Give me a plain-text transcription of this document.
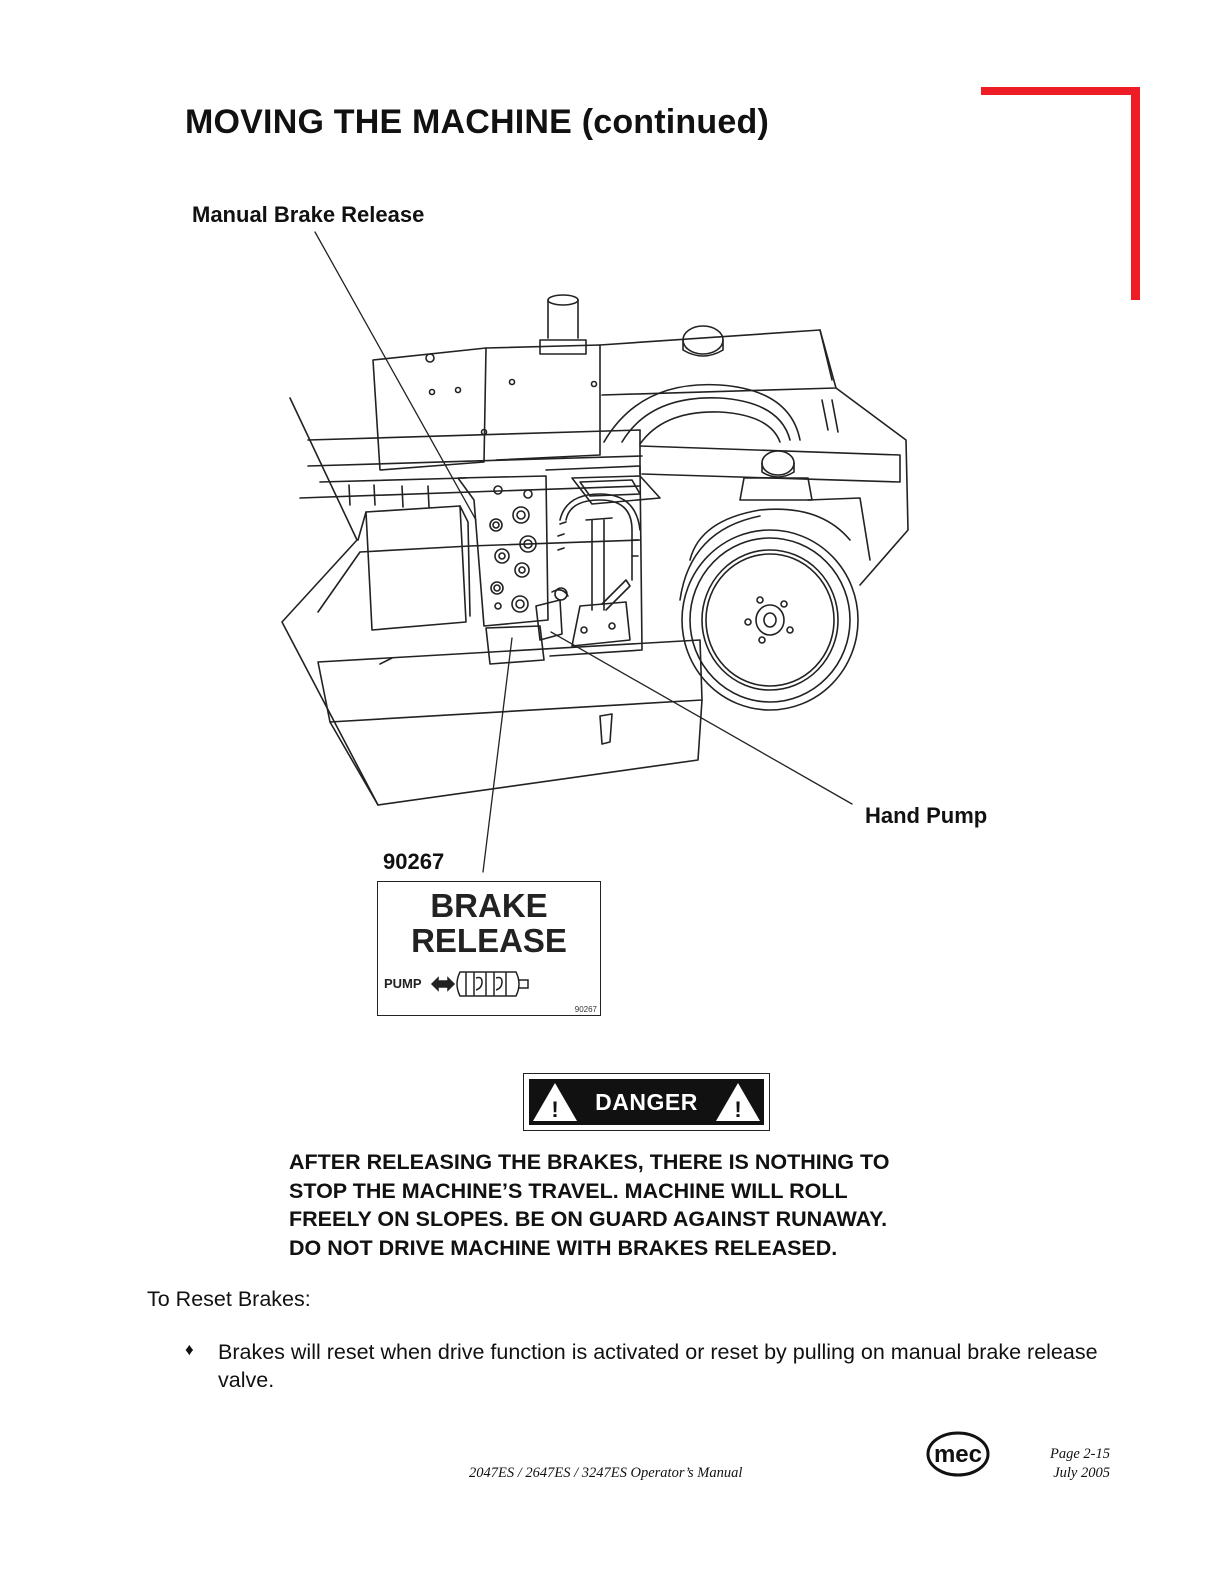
MOVING THE MACHINE (continued)
Manual Brake Release
Hand Pump
90267
BRAKE
RELEASE
PUMP
90267
!	DANGER	!
AFTER RELEASING THE BRAKES, THERE IS NOTHING TO
STOP THE MACHINE’S TRAVEL. MACHINE WILL ROLL
FREELY ON SLOPES. BE ON GUARD AGAINST RUNAWAY.
DO NOT DRIVE MACHINE WITH BRAKES RELEASED.
To Reset Brakes:
♦ Brakes will reset when drive function is activated or reset by pulling on manual brake release valve.
mec
2047ES / 2647ES / 3247ES Operator’s Manual
Page 2-15
July 2005
